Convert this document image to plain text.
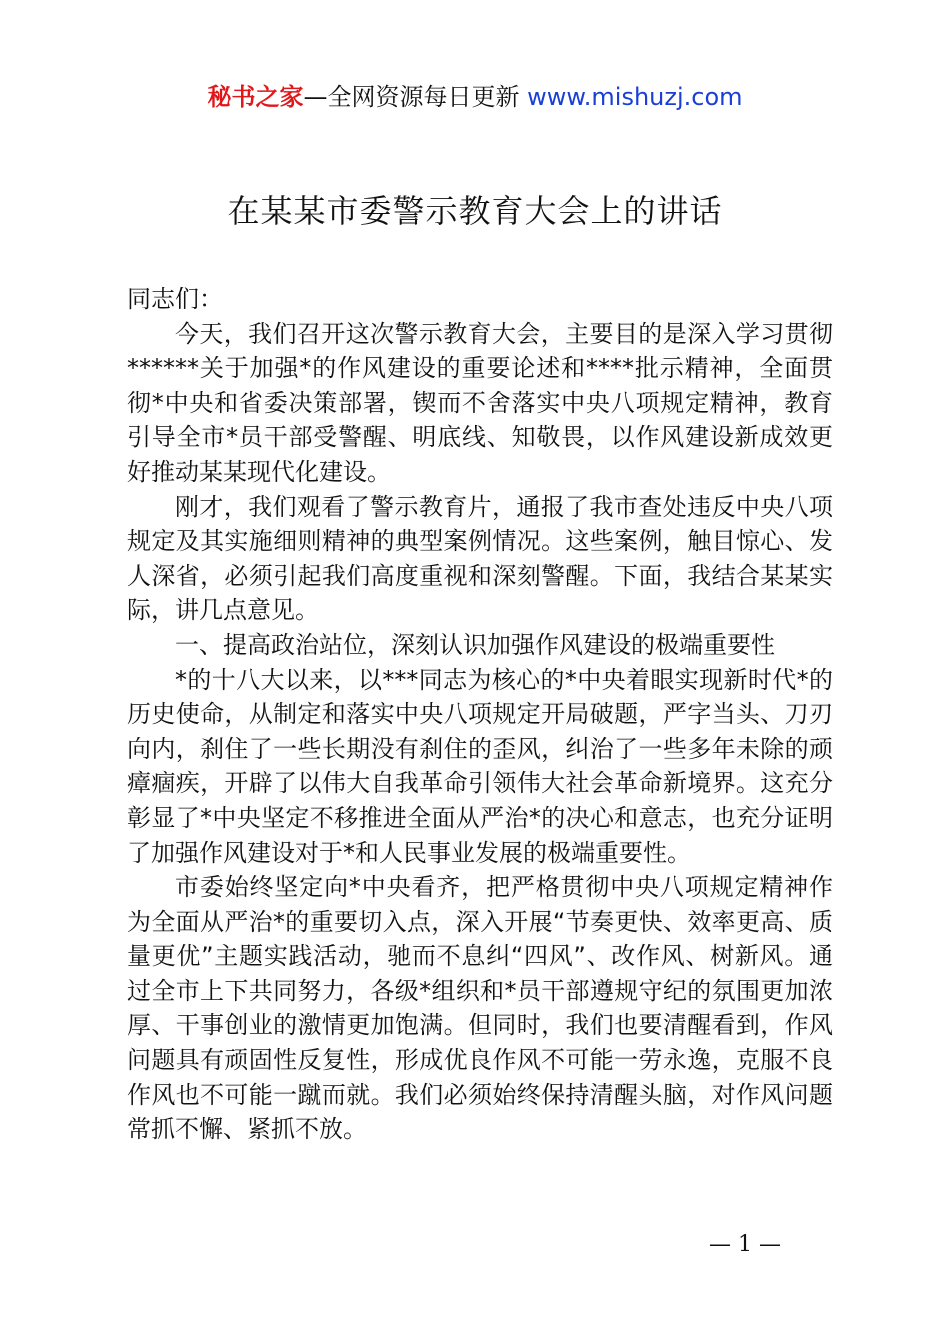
秘书之家—全网资源每日更新 www.mishuzj.com
在某某市委警示教育大会上的讲话

同志们：

今天，我们召开这次警示教育大会，主要目的是深入学习贯彻******关于加强*的作风建设的重要论述和****批示精神，全面贯彻*中央和省委决策部署，锲而不舍落实中央八项规定精神，教育引导全市*员干部受警醒、明底线、知敬畏，以作风建设新成效更好推动某某现代化建设。

刚才，我们观看了警示教育片，通报了我市查处违反中央八项规定及其实施细则精神的典型案例情况。这些案例，触目惊心、发人深省，必须引起我们高度重视和深刻警醒。下面，我结合某某实际，讲几点意见。

一、提高政治站位，深刻认识加强作风建设的极端重要性

*的十八大以来，以***同志为核心的*中央着眼实现新时代*的历史使命，从制定和落实中央八项规定开局破题，严字当头、刀刃向内，刹住了一些长期没有刹住的歪风，纠治了一些多年未除的顽瘴痼疾，开辟了以伟大自我革命引领伟大社会革命新境界。这充分彰显了*中央坚定不移推进全面从严治*的决心和意志，也充分证明了加强作风建设对于*和人民事业发展的极端重要性。

市委始终坚定向*中央看齐，把严格贯彻中央八项规定精神作为全面从严治*的重要切入点，深入开展“节奏更快、效率更高、质量更优”主题实践活动，驰而不息纠“四风”、改作风、树新风。通过全市上下共同努力，各级*组织和*员干部遵规守纪的氛围更加浓厚、干事创业的激情更加饱满。但同时，我们也要清醒看到，作风问题具有顽固性反复性，形成优良作风不可能一劳永逸，克服不良作风也不可能一蹴而就。我们必须始终保持清醒头脑，对作风问题常抓不懈、紧抓不放。

— 1 —
